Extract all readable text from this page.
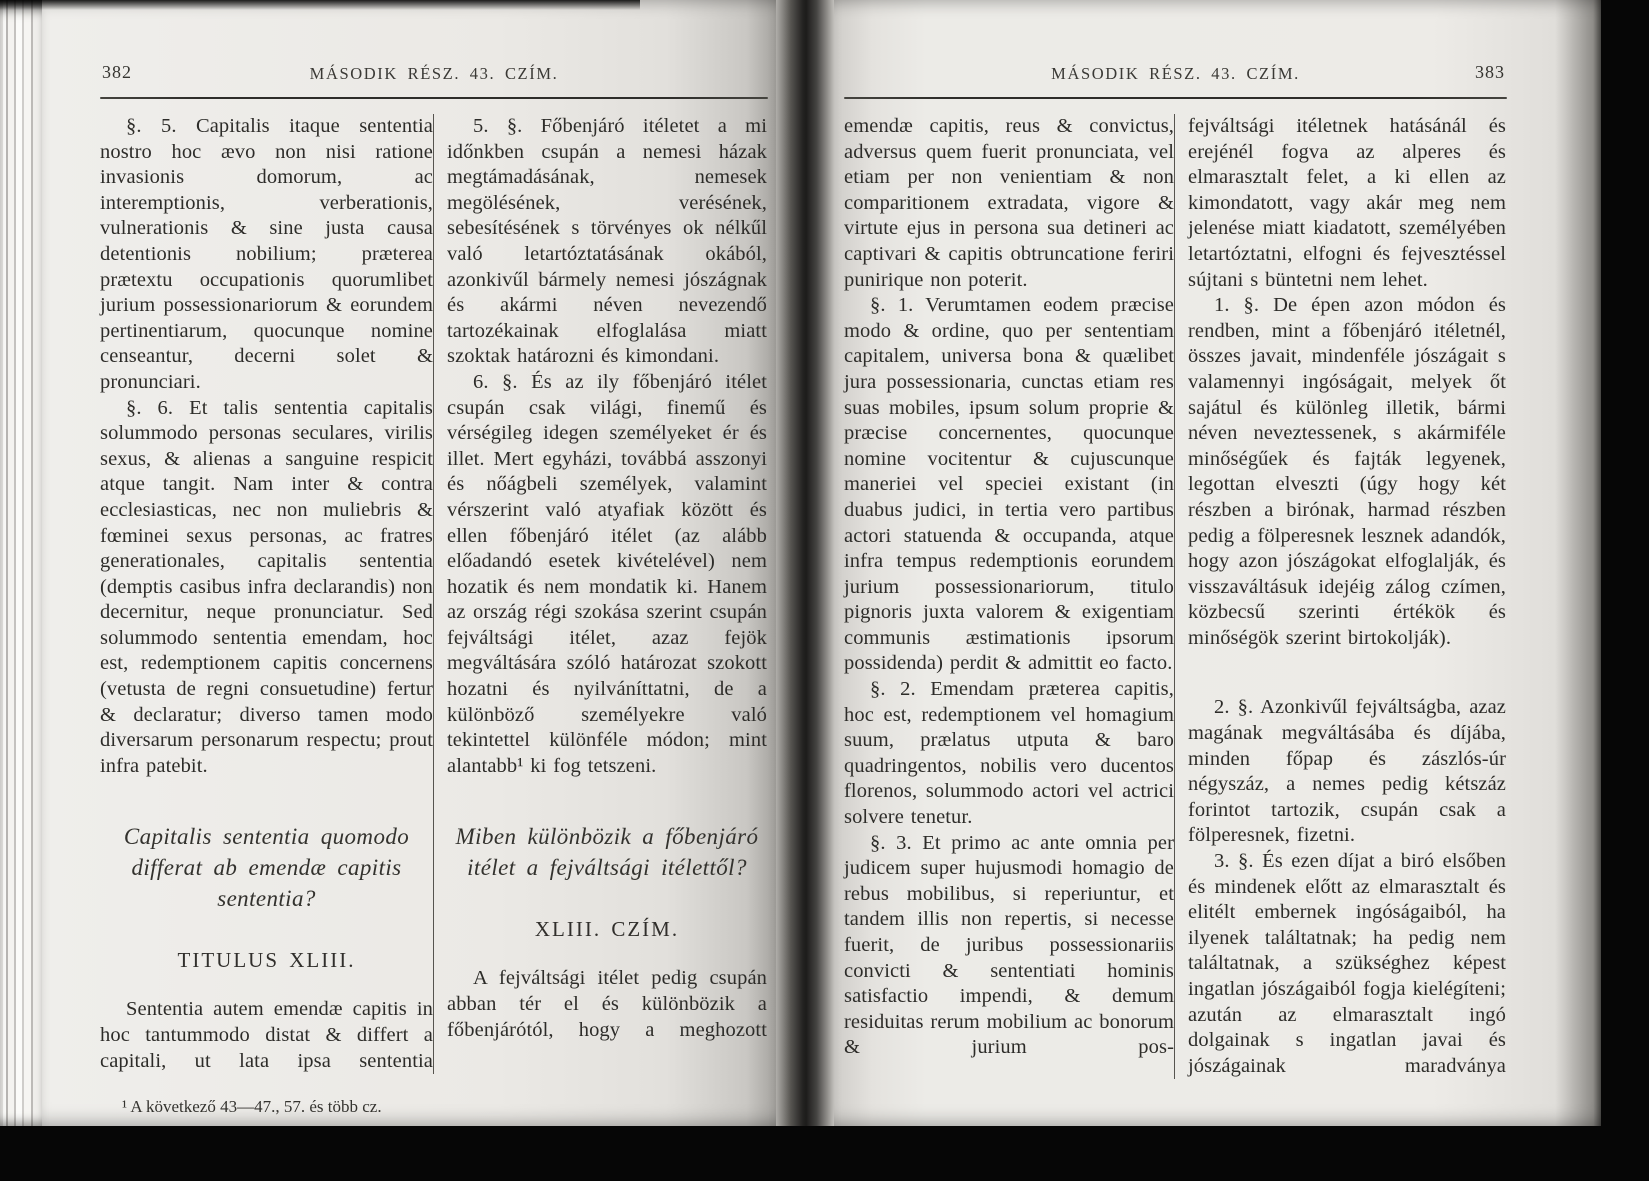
382	MÁSODIK RÉSZ. 43. CZÍM.

§. 5. Capitalis itaque sententia nostro hoc ævo non nisi ratione invasionis domorum, ac interemptionis, verberationis, vulnerationis & sine justa causa detentionis nobilium; præterea prætextu occupationis quorumlibet jurium possessionariorum & eorundem pertinentiarum, quocunque nomine censeantur, decerni solet & pronunciari.

§. 6. Et talis sententia capitalis solummodo personas seculares, virilis sexus, & alienas a sanguine respicit atque tangit. Nam inter & contra ecclesiasticas, nec non muliebris & fœminei sexus personas, ac fratres generationales, capitalis sententia (demptis casibus infra declarandis) non decernitur, neque pronunciatur. Sed solummodo sententia emendam, hoc est, redemptionem capitis concernens (vetusta de regni consuetudine) fertur & declaratur; diverso tamen modo diversarum personarum respectu; prout infra patebit.

Capitalis sententia quomodo differat ab emendæ capitis sententia?
TITULUS XLIII.

Sententia autem emendæ capitis in hoc tantummodo distat & differt a capitali, ut lata ipsa sententia

5. §. Főbenjáró itéletet a mi időnkben csupán a nemesi házak megtámadásának, nemesek megölésének, verésének, sebesítésének s törvényes ok nélkűl való letartóztatásának okából, azonkivűl bármely nemesi jószágnak és akármi néven nevezendő tartozékainak elfoglalása miatt szoktak határozni és kimondani.

6. §. És az ily főbenjáró itélet csupán csak világi, finemű és vérségileg idegen személyeket ér és illet. Mert egyházi, továbbá asszonyi és nőágbeli személyek, valamint vérszerint való atyafiak között és ellen főbenjáró itélet (az alább előadandó esetek kivételével) nem hozatik és nem mondatik ki. Hanem az ország régi szokása szerint csupán fejváltsági itélet, azaz fejök megváltására szóló határozat szokott hozatni és nyilváníttatni, de a különböző személyekre való tekintettel különféle módon; mint alantabb¹ ki fog tetszeni.

Miben különbözik a főbenjáró itélet a fejváltsági itélettől?
XLIII. CZÍM.

A fejváltsági itélet pedig csupán abban tér el és különbözik a főbenjárótól, hogy a meghozott

¹ A következő 43—47., 57. és több cz.

MÁSODIK RÉSZ. 43. CZÍM.	383

emendæ capitis, reus & convictus, adversus quem fuerit pronunciata, vel etiam per non venientiam & non comparitionem extradata, vigore & virtute ejus in persona sua detineri ac captivari & capitis obtruncatione feriri punirique non poterit.

§. 1. Verumtamen eodem præcise modo & ordine, quo per sententiam capitalem, universa bona & quælibet jura possessionaria, cunctas etiam res suas mobiles, ipsum solum proprie & præcise concernentes, quocunque nomine vocitentur & cujuscunque maneriei vel speciei existant (in duabus judici, in tertia vero partibus actori statuenda & occupanda, atque infra tempus redemptionis eorundem jurium possessionariorum, titulo pignoris juxta valorem & exigentiam communis æstimationis ipsorum possidenda) perdit & admittit eo facto.

§. 2. Emendam præterea capitis, hoc est, redemptionem vel homagium suum, prælatus utputa & baro quadringentos, nobilis vero ducentos florenos, solummodo actori vel actrici solvere tenetur.

§. 3. Et primo ac ante omnia per judicem super hujusmodi homagio de rebus mobilibus, si reperiuntur, et tandem illis non repertis, si necesse fuerit, de juribus possessionariis convicti & sententiati hominis satisfactio impendi, & demum residuitas rerum mobilium ac bonorum & jurium pos-

fejváltsági itéletnek hatásánál és erejénél fogva az alperes és elmarasztalt felet, a ki ellen az kimondatott, vagy akár meg nem jelenése miatt kiadatott, személyében letartóztatni, elfogni és fejvesztéssel sújtani s büntetni nem lehet.

1. §. De épen azon módon és rendben, mint a főbenjáró itéletnél, összes javait, mindenféle jószágait s valamennyi ingóságait, melyek őt sajátul és különleg illetik, bármi néven neveztessenek, s akármiféle minőségűek és fajták legyenek, legottan elveszti (úgy hogy két részben a birónak, harmad részben pedig a fölperesnek lesznek adandók, hogy azon jószágokat elfoglalják, és visszaváltásuk idejéig zálog czímen, közbecsű szerinti értékök és minőségök szerint birtokolják).

2. §. Azonkivűl fejváltságba, azaz magának megváltásába és díjába, minden főpap és zászlós-úr négyszáz, a nemes pedig kétszáz forintot tartozik, csupán csak a fölperesnek, fizetni.

3. §. És ezen díjat a biró elsőben és mindenek előtt az elmarasztalt és elitélt embernek ingóságaiból, ha ilyenek találtatnak; ha pedig nem találtatnak, a szükséghez képest ingatlan jószágaiból fogja kielégíteni; azután az elmarasztalt ingó dolgainak s ingatlan javai és jószágainak maradványa
